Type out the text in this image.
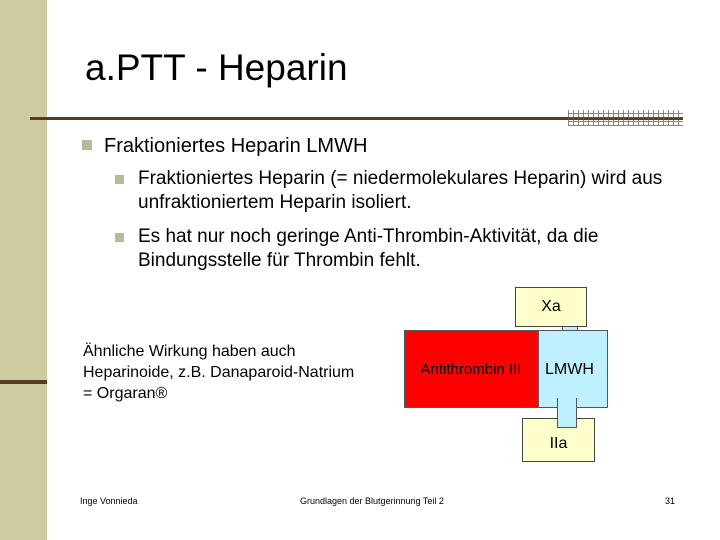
a.PTT - Heparin
Fraktioniertes Heparin LMWH
Fraktioniertes Heparin (= niedermolekulares Heparin) wird aus unfraktioniertem Heparin isoliert.
Es hat nur noch geringe Anti-Thrombin-Aktivität, da die Bindungsstelle für Thrombin fehlt.
Ähnliche Wirkung haben auch Heparinoide, z.B. Danaparoid-Natrium = Orgaran®
Xa
Antithrombin III	LMWH
IIa
Inge Vonnieda	Grundlagen der Blutgerinnung Teil 2	31
